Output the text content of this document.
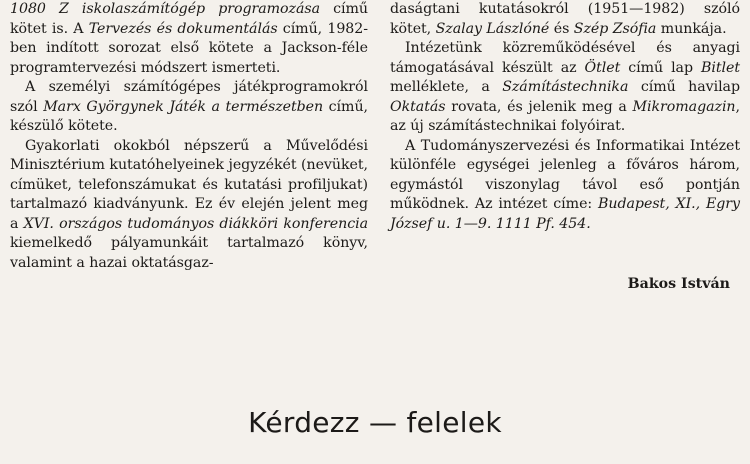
1080 Z iskolaszámítógép programozása című kötet is. A Tervezés és dokumentálás című, 1982-ben indított sorozat első kötete a Jackson-féle programtervezési módszert ismerteti.

A személyi számítógépes játékprogramokról szól Marx Györgynek Játék a természetben című, készülő kötete.

Gyakorlati okokból népszerű a Művelődési Minisztérium kutatóhelyeinek jegyzékét (nevüket, címüket, telefonszámukat és kutatási profiljukat) tartalmazó kiadványunk. Ez év elején jelent meg a XVI. országos tudományos diákköri konferencia kiemelkedő pályamunkáit tartalmazó könyv, valamint a hazai oktatásgaz-

daságtani kutatásokról (1951—1982) szóló kötet, Szalay Lászlóné és Szép Zsófia munkája.

Intézetünk közreműködésével és anyagi támogatásával készült az Ötlet című lap Bitlet melléklete, a Számítástechnika című havilap Oktatás rovata, és jelenik meg a Mikromagazin, az új számítástechnikai folyóirat.

A Tudományszervezési és Informatikai Intézet különféle egységei jelenleg a főváros három, egymástól viszonylag távol eső pontján működnek. Az intézet címe: Budapest, XI., Egry József u. 1—9. 1111 Pf. 454.

Bakos István
Kérdezz — felelek
